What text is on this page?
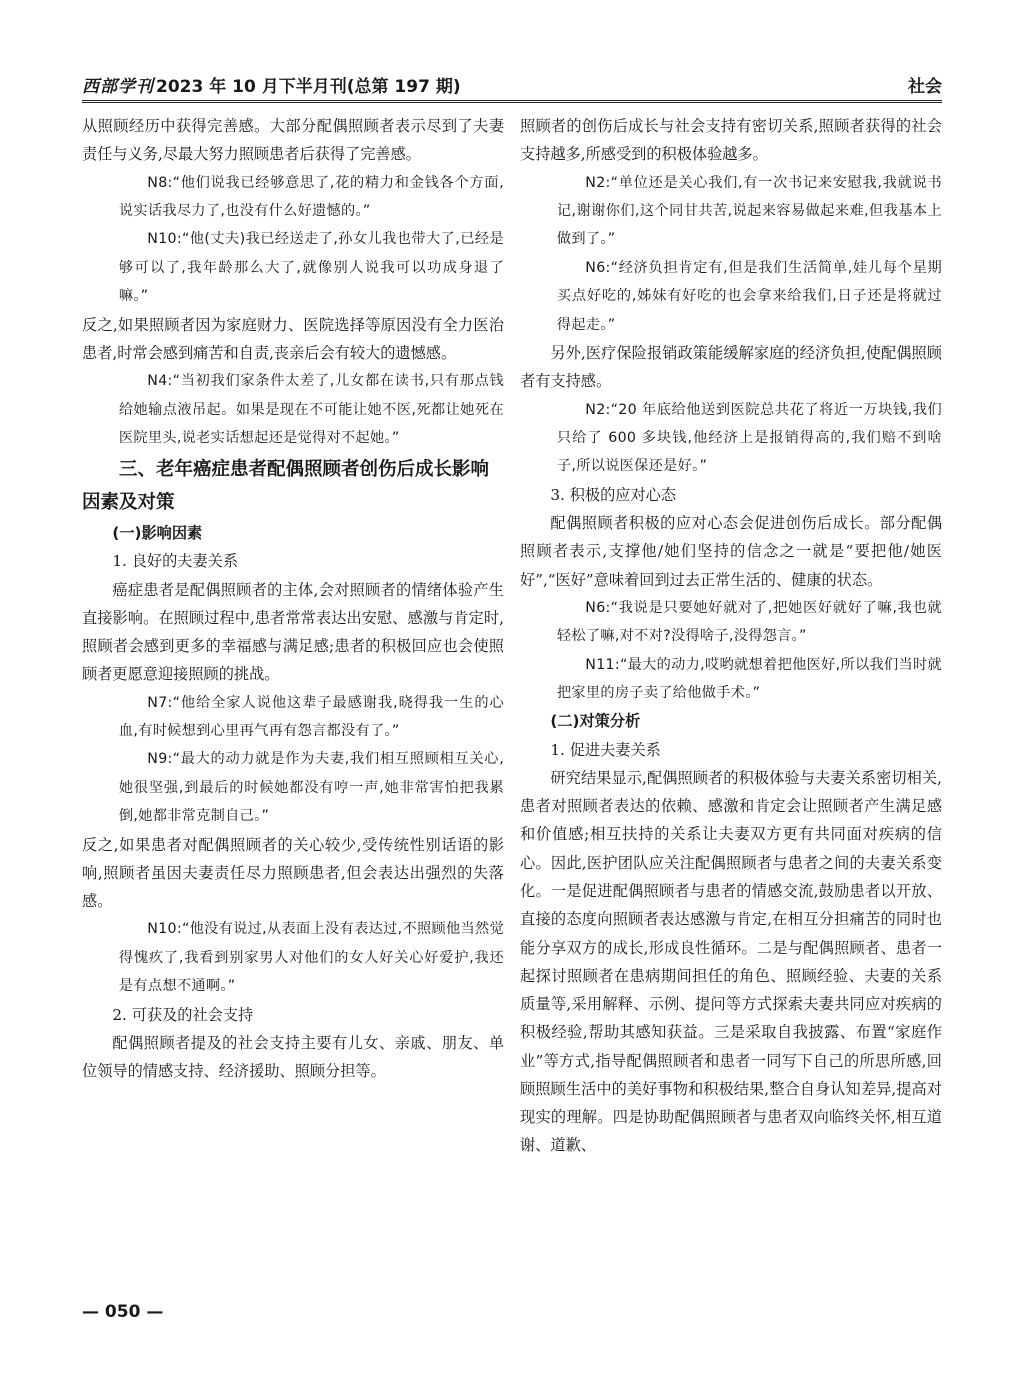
西部学刊 2023 年 10 月下半月刊(总第 197 期)	社会

从照顾经历中获得完善感。大部分配偶照顾者表示尽到了夫妻责任与义务,尽最大努力照顾患者后获得了完善感。

N8:“他们说我已经够意思了,花的精力和金钱各个方面,说实话我尽力了,也没有什么好遗憾的。”

N10:“他(丈夫)我已经送走了,孙女儿我也带大了,已经是够可以了,我年龄那么大了,就像别人说我可以功成身退了嘛。”

反之,如果照顾者因为家庭财力、医院选择等原因没有全力医治患者,时常会感到痛苦和自责,丧亲后会有较大的遗憾感。

N4:“当初我们家条件太差了,儿女都在读书,只有那点钱给她输点液吊起。如果是现在不可能让她不医,死都让她死在医院里头,说老实话想起还是觉得对不起她。”

三、老年癌症患者配偶照顾者创伤后成长影响因素及对策
(一)影响因素

1. 良好的夫妻关系

癌症患者是配偶照顾者的主体,会对照顾者的情绪体验产生直接影响。在照顾过程中,患者常常表达出安慰、感激与肯定时,照顾者会感到更多的幸福感与满足感;患者的积极回应也会使照顾者更愿意迎接照顾的挑战。

N7:“他给全家人说他这辈子最感谢我,晓得我一生的心血,有时候想到心里再气再有怨言都没有了。”

N9:“最大的动力就是作为夫妻,我们相互照顾相互关心,她很坚强,到最后的时候她都没有哼一声,她非常害怕把我累倒,她都非常克制自己。”

反之,如果患者对配偶照顾者的关心较少,受传统性别话语的影响,照顾者虽因夫妻责任尽力照顾患者,但会表达出强烈的失落感。

N10:“他没有说过,从表面上没有表达过,不照顾他当然觉得愧疚了,我看到别家男人对他们的女人好关心好爱护,我还是有点想不通啊。”

2. 可获及的社会支持

配偶照顾者提及的社会支持主要有儿女、亲戚、朋友、单位领导的情感支持、经济援助、照顾分担等。

照顾者的创伤后成长与社会支持有密切关系,照顾者获得的社会支持越多,所感受到的积极体验越多。

N2:“单位还是关心我们,有一次书记来安慰我,我就说书记,谢谢你们,这个同甘共苦,说起来容易做起来难,但我基本上做到了。”

N6:“经济负担肯定有,但是我们生活简单,娃儿每个星期买点好吃的,姊妹有好吃的也会拿来给我们,日子还是将就过得起走。”

另外,医疗保险报销政策能缓解家庭的经济负担,使配偶照顾者有支持感。

N2:“20 年底给他送到医院总共花了将近一万块钱,我们只给了 600 多块钱,他经济上是报销得高的,我们赔不到啥子,所以说医保还是好。”

3. 积极的应对心态

配偶照顾者积极的应对心态会促进创伤后成长。部分配偶照顾者表示,支撑他/她们坚持的信念之一就是“要把他/她医好”,“医好”意味着回到过去正常生活的、健康的状态。

N6:“我说是只要她好就对了,把她医好就好了嘛,我也就轻松了嘛,对不对?没得啥子,没得怨言。”

N11:“最大的动力,哎哟就想着把他医好,所以我们当时就把家里的房子卖了给他做手术。”

(二)对策分析

1. 促进夫妻关系

研究结果显示,配偶照顾者的积极体验与夫妻关系密切相关,患者对照顾者表达的依赖、感激和肯定会让照顾者产生满足感和价值感;相互扶持的关系让夫妻双方更有共同面对疾病的信心。因此,医护团队应关注配偶照顾者与患者之间的夫妻关系变化。一是促进配偶照顾者与患者的情感交流,鼓励患者以开放、直接的态度向照顾者表达感激与肯定,在相互分担痛苦的同时也能分享双方的成长,形成良性循环。二是与配偶照顾者、患者一起探讨照顾者在患病期间担任的角色、照顾经验、夫妻的关系质量等,采用解释、示例、提问等方式探索夫妻共同应对疾病的积极经验,帮助其感知获益。三是采取自我披露、布置“家庭作业”等方式,指导配偶照顾者和患者一同写下自己的所思所感,回顾照顾生活中的美好事物和积极结果,整合自身认知差异,提高对现实的理解。四是协助配偶照顾者与患者双向临终关怀,相互道谢、道歉、

— 050 —
